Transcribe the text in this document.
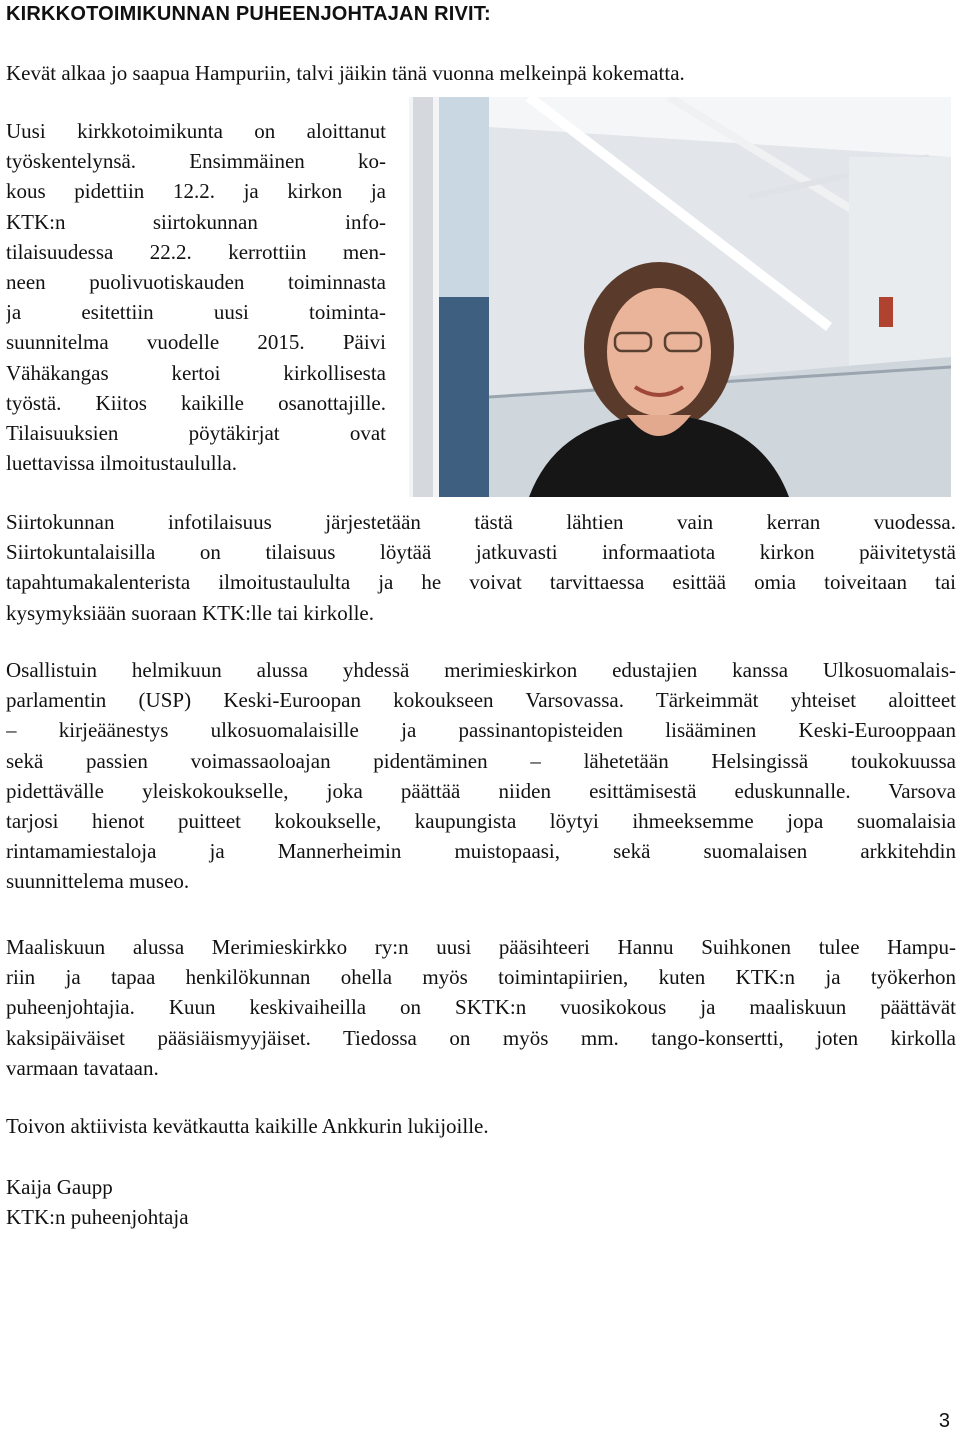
KIRKKOTOIMIKUNNAN PUHEENJOHTAJAN RIVIT:
Kevät alkaa jo saapua Hampuriin, talvi jäikin tänä vuonna melkeinpä kokematta.
Uusi kirkkotoimikunta on aloittanut
työskentelynsä. Ensimmäinen ko-
kous pidettiin 12.2. ja kirkon ja
KTK:n siirtokunnan info-
tilaisuudessa 22.2. kerrottiin men-
neen puolivuotiskauden toiminnasta
ja esitettiin uusi toiminta-
suunnitelma vuodelle 2015. Päivi
Vähäkangas kertoi kirkollisesta
työstä. Kiitos kaikille osanottajille.
Tilaisuuksien pöytäkirjat ovat
luettavissa ilmoitustaululla.
Siirtokunnan infotilaisuus järjestetään tästä lähtien vain kerran vuodessa.
Siirtokuntalaisilla on tilaisuus löytää jatkuvasti informaatiota kirkon päivitetystä
tapahtumakalenterista ilmoitustaululta ja he voivat tarvittaessa esittää omia toiveitaan tai
kysymyksiään suoraan KTK:lle tai kirkolle.
Osallistuin helmikuun alussa yhdessä merimieskirkon edustajien kanssa Ulkosuomalais-
parlamentin (USP) Keski-Euroopan kokoukseen Varsovassa. Tärkeimmät yhteiset aloitteet
– kirjeäänestys ulkosuomalaisille ja passinantopisteiden lisääminen Keski-Eurooppaan
sekä passien voimassaoloajan pidentäminen – lähetetään Helsingissä toukokuussa
pidettävälle yleiskokoukselle, joka päättää niiden esittämisestä eduskunnalle. Varsova
tarjosi hienot puitteet kokoukselle, kaupungista löytyi ihmeeksemme jopa suomalaisia
rintamamiestaloja ja Mannerheimin muistopaasi, sekä suomalaisen arkkitehdin
suunnittelema museo.
Maaliskuun alussa Merimieskirkko ry:n uusi pääsihteeri Hannu Suihkonen tulee Hampu-
riin ja tapaa henkilökunnan ohella myös toimintapiirien, kuten KTK:n ja työkerhon
puheenjohtajia. Kuun keskivaiheilla on SKTK:n vuosikokous ja maaliskuun päättävät
kaksipäiväiset pääsiäismyyjäiset. Tiedossa on myös mm. tango-konsertti, joten kirkolla
varmaan tavataan.
Toivon aktiivista kevätkautta kaikille Ankkurin lukijoille.
Kaija Gaupp
KTK:n puheenjohtaja
3
